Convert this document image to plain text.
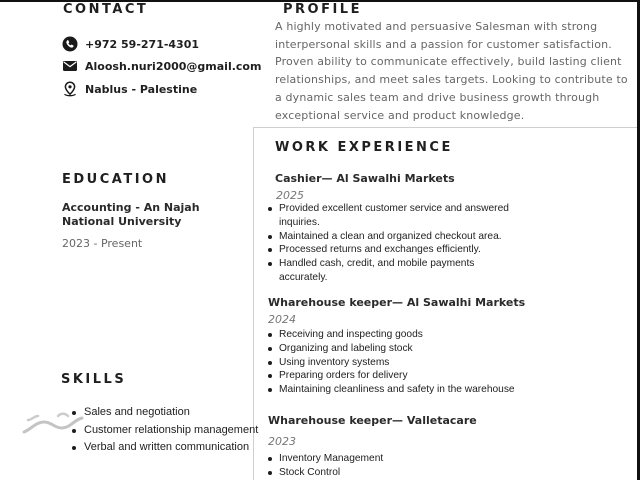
CONTACT
+972 59-271-4301
Aloosh.nuri2000@gmail.com
Nablus - Palestine
PROFILE

A highly motivated and persuasive Salesman with strong interpersonal skills and a passion for customer satisfaction. Proven ability to communicate effectively, build lasting client relationships, and meet sales targets. Looking to contribute to a dynamic sales team and drive business growth through exceptional service and product knowledge.

EDUCATION

Accounting - An Najah National University

2023 - Present

SKILLS
Sales and negotiation
Customer relationship management
Verbal and written communication
WORK EXPERIENCE

Cashier— Al Sawalhi Markets

2025

Provided excellent customer service and answered inquiries.
Maintained a clean and organized checkout area.
Processed returns and exchanges efficiently.
Handled cash, credit, and mobile payments accurately.

Wharehouse keeper— Al Sawalhi Markets

2024

Receiving and inspecting goods
Organizing and labeling stock
Using inventory systems
Preparing orders for delivery
Maintaining cleanliness and safety in the warehouse

Wharehouse keeper— Valletacare

2023

Inventory Management
Stock Control
